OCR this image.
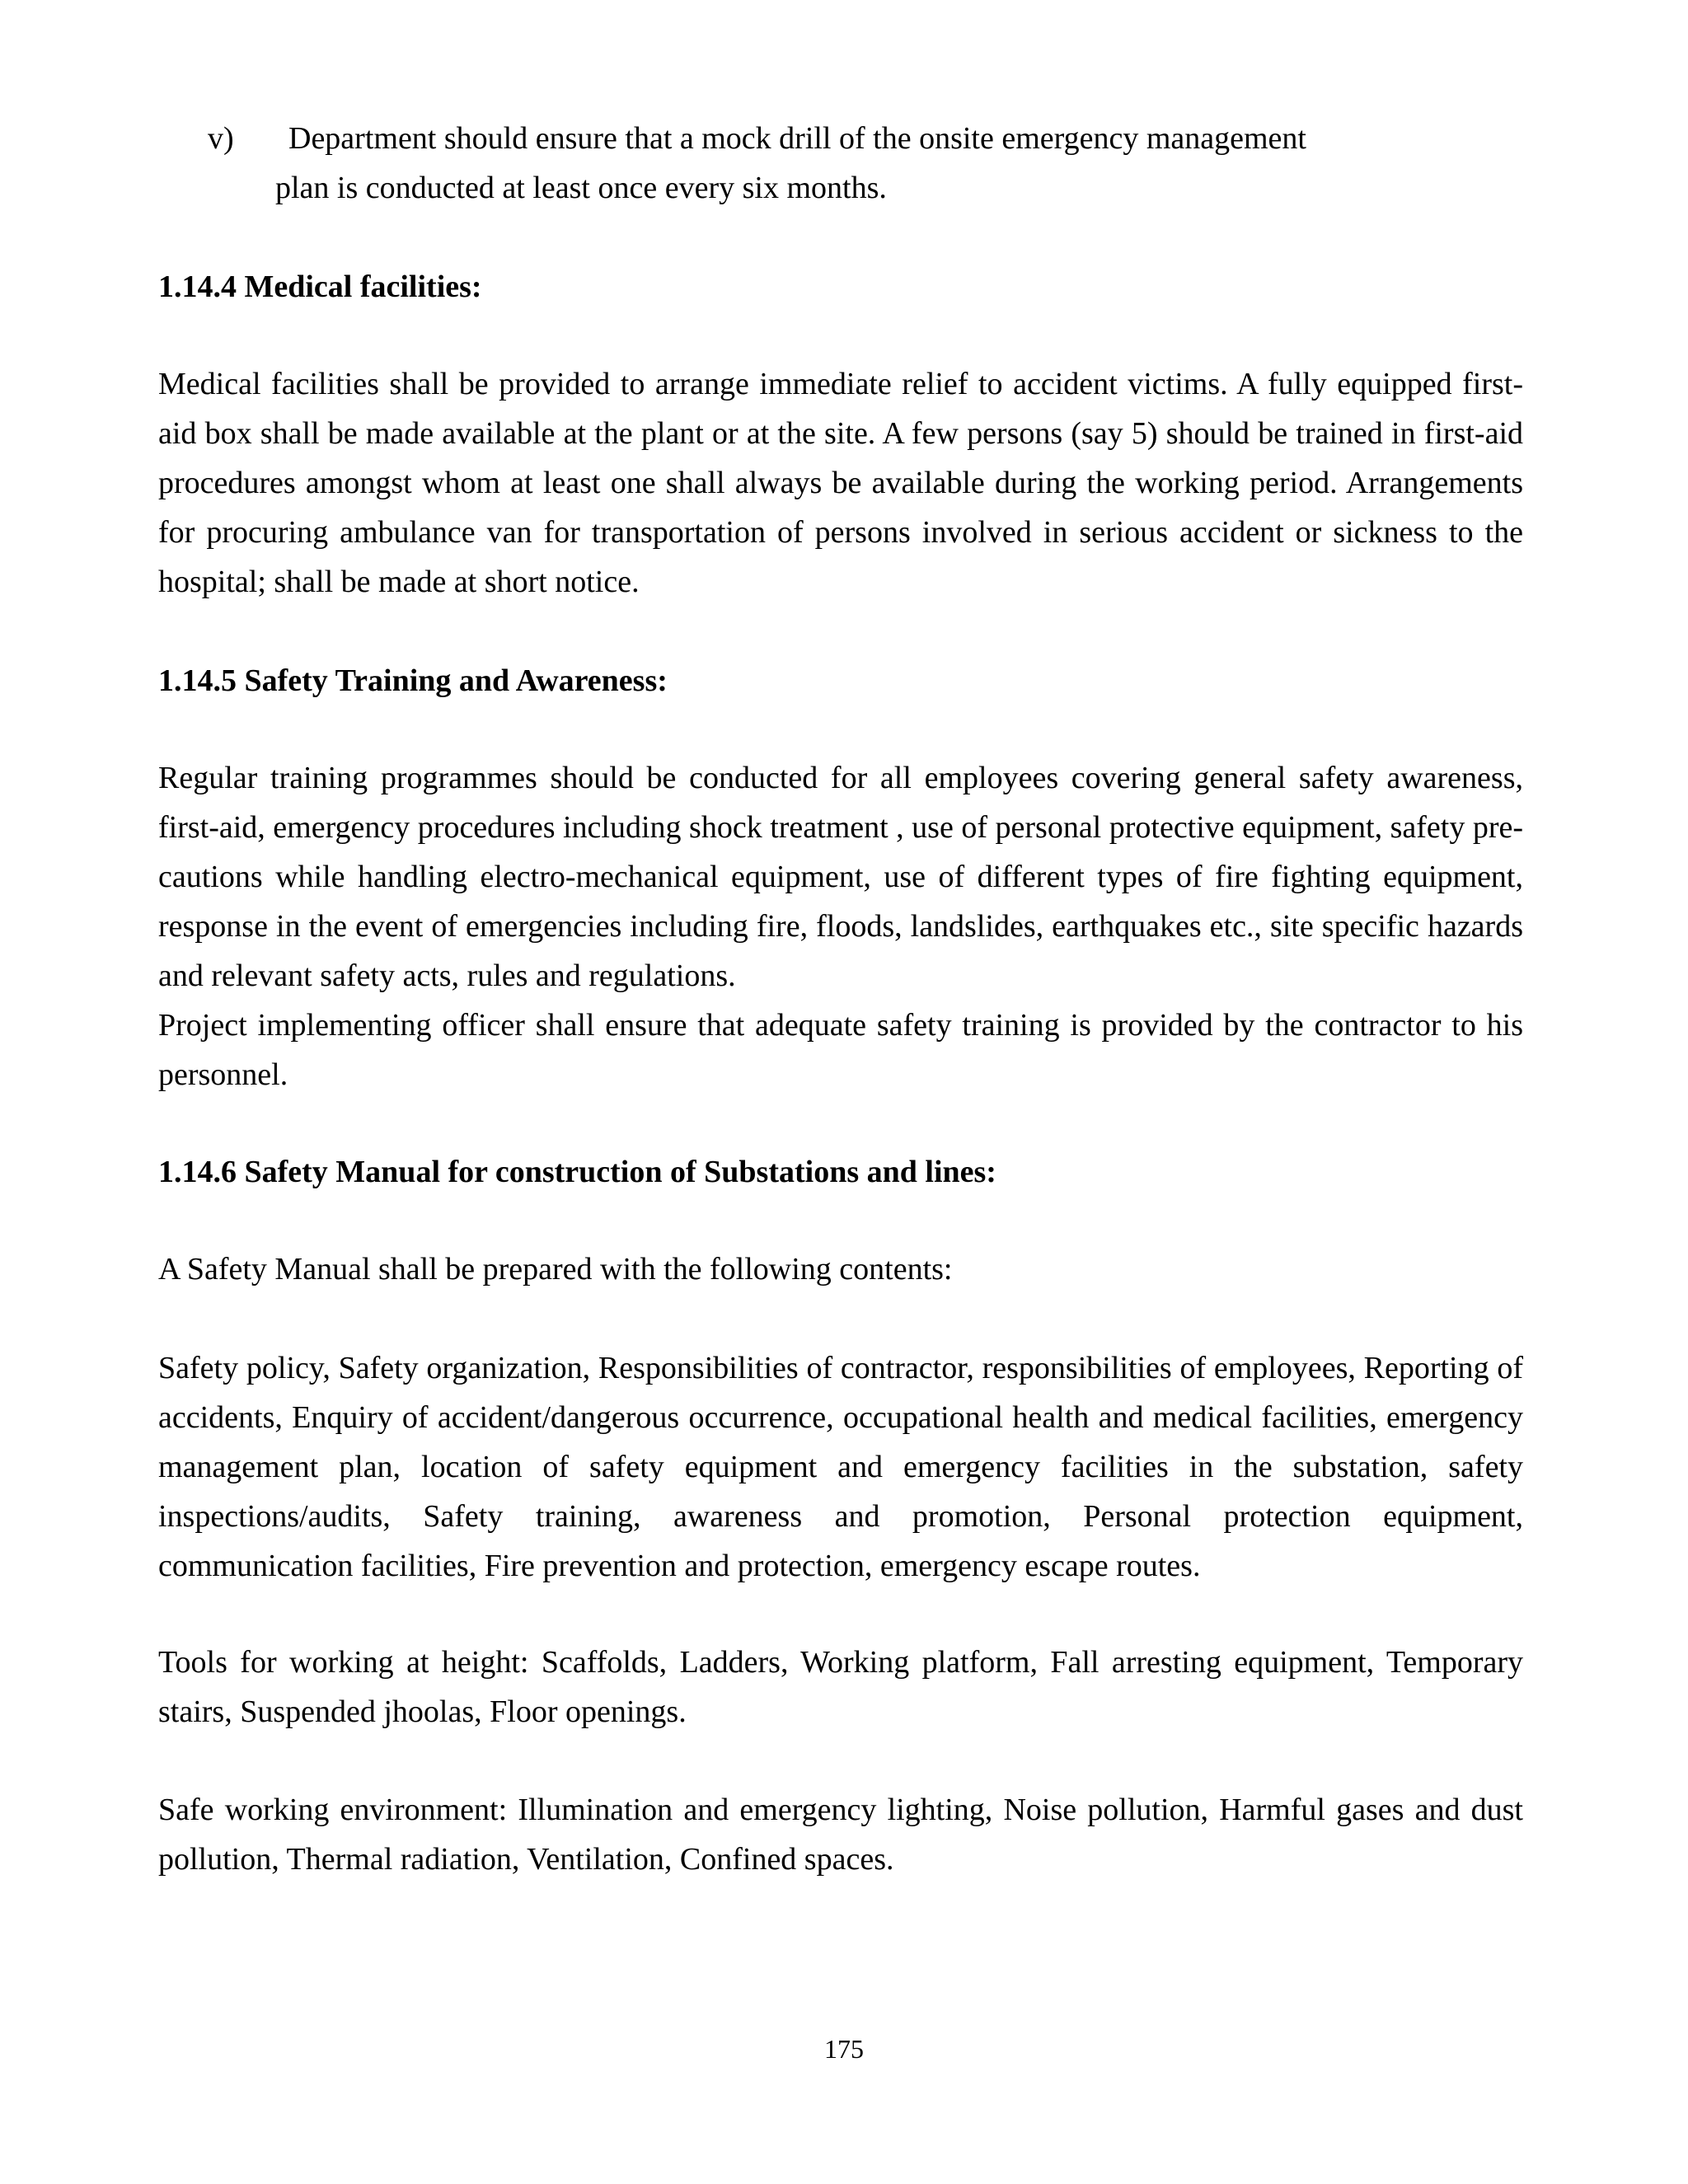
v) Department should ensure that a mock drill of the onsite emergency management
plan is conducted at least once every six months.
1.14.4 Medical facilities:

Medical facilities shall be provided to arrange immediate relief to accident victims. A fully equipped first-aid box shall be made available at the plant or at the site. A few persons (say 5) should be trained in first-aid procedures amongst whom at least one shall always be available during the working period. Arrangements for procuring ambulance van for transportation of persons involved in serious accident or sickness to the hospital; shall be made at short notice.

1.14.5 Safety Training and Awareness:

Regular training programmes should be conducted for all employees covering general safety awareness, first-aid, emergency procedures including shock treatment , use of personal protective equipment, safety pre-cautions while handling electro-mechanical equipment, use of different types of fire fighting equipment, response in the event of emergencies including fire, floods, landslides, earthquakes etc., site specific hazards and relevant safety acts, rules and regulations.

Project implementing officer shall ensure that adequate safety training is provided by the contractor to his personnel.

1.14.6 Safety Manual for construction of Substations and lines:

A Safety Manual shall be prepared with the following contents:

Safety policy, Safety organization, Responsibilities of contractor, responsibilities of employees, Reporting of accidents, Enquiry of accident/dangerous occurrence, occupational health and medical facilities, emergency management plan, location of safety equipment and emergency facilities in the substation, safety inspections/audits, Safety training, awareness and promotion, Personal protection equipment, communication facilities, Fire prevention and protection, emergency escape routes.

Tools for working at height: Scaffolds, Ladders, Working platform, Fall arresting equipment, Temporary stairs, Suspended jhoolas, Floor openings.

Safe working environment: Illumination and emergency lighting, Noise pollution, Harmful gases and dust pollution, Thermal radiation, Ventilation, Confined spaces.

175
